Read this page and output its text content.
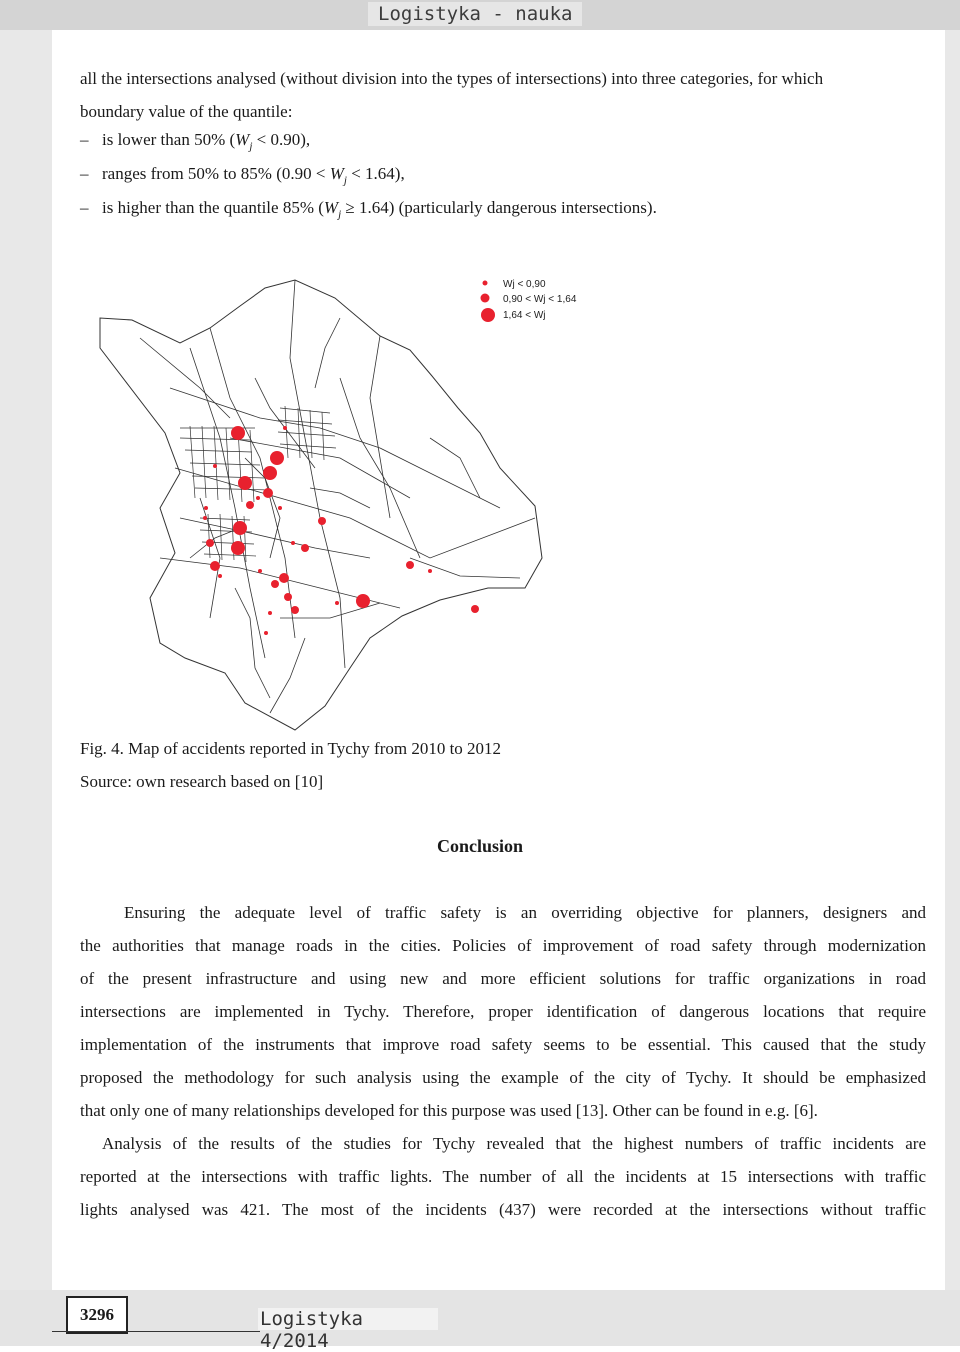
Logistyka - nauka

all the intersections analysed (without division into the types of intersections) into three categories, for which

boundary value of the quantile:

– is lower than 50% $(W_j < 0.90)$,
– ranges from 50% to 85% $(0.90 < W_j < 1.64)$,
– is higher than the quantile 85% $(W_j \ge 1.64)$ (particularly dangerous intersections).
Wj < 0,90
0,90 < Wj < 1,64
1,64 < Wj
Fig. 4. Map of accidents reported in Tychy from 2010 to 2012
Source: own research based on [10]
Conclusion

Ensuring the adequate level of traffic safety is an overriding objective for planners, designers and

the authorities that manage roads in the cities. Policies of improvement of road safety through modernization

of the present infrastructure and using new and more efficient solutions for traffic organizations in road

intersections are implemented in Tychy. Therefore, proper identification of dangerous locations that require

implementation of the instruments that improve road safety seems to be essential. This caused that the study

proposed the methodology for such analysis using the example of the city of Tychy. It should be emphasized

that only one of many relationships developed for this purpose was used [13]. Other can be found in e.g. [6].

Analysis of the results of the studies for Tychy revealed that the highest numbers of traffic incidents are

reported at the intersections with traffic lights. The number of all the incidents at 15 intersections with traffic

lights analysed was 421. The most of the incidents (437) were recorded at the intersections without traffic

3296	Logistyka 4/2014
